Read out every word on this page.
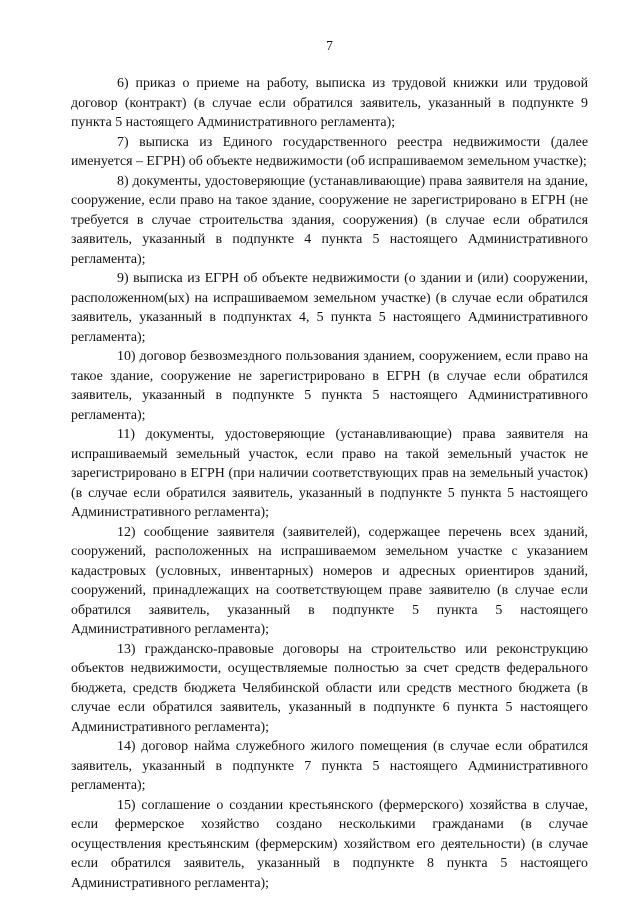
7

6) приказ о приеме на работу, выписка из трудовой книжки или трудовой договор (контракт) (в случае если обратился заявитель, указанный в подпункте 9 пункта 5 настоящего Административного регламента);

7) выписка из Единого государственного реестра недвижимости (далее именуется – ЕГРН) об объекте недвижимости (об испрашиваемом земельном участке);

8) документы, удостоверяющие (устанавливающие) права заявителя на здание, сооружение, если право на такое здание, сооружение не зарегистрировано в ЕГРН (не требуется в случае строительства здания, сооружения) (в случае если обратился заявитель, указанный в подпункте 4 пункта 5 настоящего Административного регламента);

9) выписка из ЕГРН об объекте недвижимости (о здании и (или) сооружении, расположенном(ых) на испрашиваемом земельном участке) (в случае если обратился заявитель, указанный в подпунктах 4, 5 пункта 5 настоящего Административного регламента);

10) договор безвозмездного пользования зданием, сооружением, если право на такое здание, сооружение не зарегистрировано в ЕГРН (в случае если обратился заявитель, указанный в подпункте 5 пункта 5 настоящего Административного регламента);

11) документы, удостоверяющие (устанавливающие) права заявителя на испрашиваемый земельный участок, если право на такой земельный участок не зарегистрировано в ЕГРН (при наличии соответствующих прав на земельный участок) (в случае если обратился заявитель, указанный в подпункте 5 пункта 5 настоящего Административного регламента);

12) сообщение заявителя (заявителей), содержащее перечень всех зданий, сооружений, расположенных на испрашиваемом земельном участке с указанием кадастровых (условных, инвентарных) номеров и адресных ориентиров зданий, сооружений, принадлежащих на соответствующем праве заявителю (в случае если обратился заявитель, указанный в подпункте 5 пункта 5 настоящего Административного регламента);

13) гражданско-правовые договоры на строительство или реконструкцию объектов недвижимости, осуществляемые полностью за счет средств федерального бюджета, средств бюджета Челябинской области или средств местного бюджета (в случае если обратился заявитель, указанный в подпункте 6 пункта 5 настоящего Административного регламента);

14) договор найма служебного жилого помещения (в случае если обратился заявитель, указанный в подпункте 7 пункта 5 настоящего Административного регламента);

15) соглашение о создании крестьянского (фермерского) хозяйства в случае, если фермерское хозяйство создано несколькими гражданами (в случае осуществления крестьянским (фермерским) хозяйством его деятельности) (в случае если обратился заявитель, указанный в подпункте 8 пункта 5 настоящего Административного регламента);
